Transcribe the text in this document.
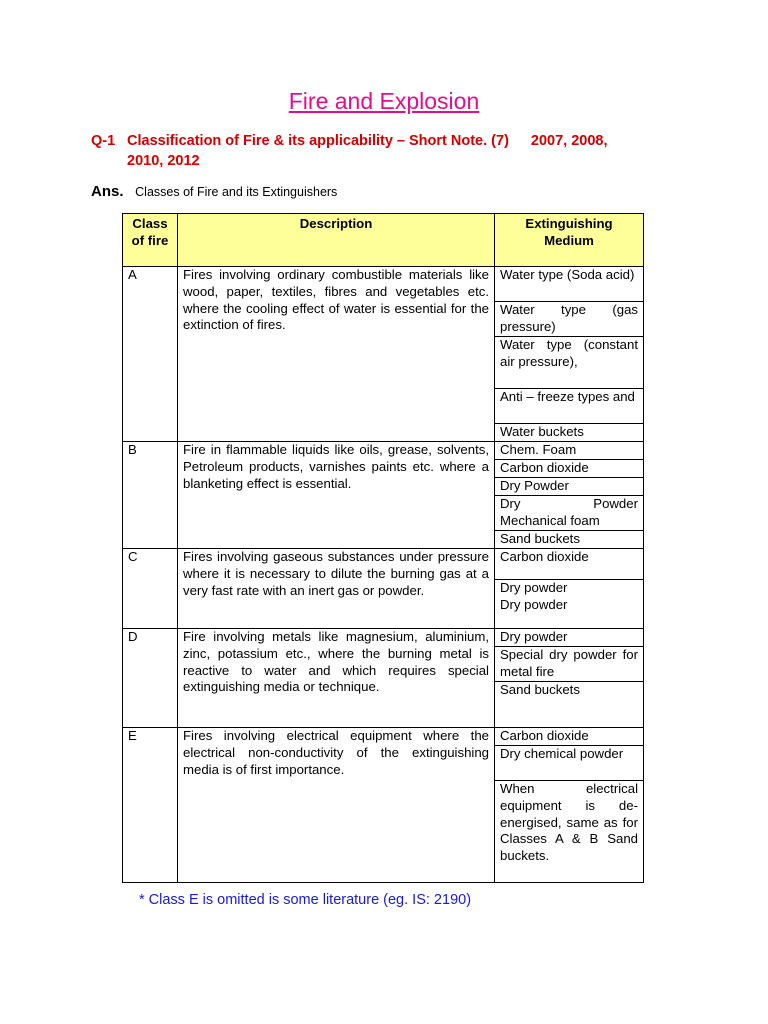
Fire and Explosion
Q-1 Classification of Fire & its applicability – Short Note. (7) 2007, 2008,
2010, 2012
Ans. Classes of Fire and its Extinguishers
Class of fire	Description	Extinguishing Medium
A	Fires involving ordinary combustible materials like wood, paper, textiles, fibres and vegetables etc. where the cooling effect of water is essential for the extinction of fires.	Water type (Soda acid)
Water type (gas pressure)
Water type (constant air pressure),
Anti – freeze types and
Water buckets

B	Fire in flammable liquids like oils, grease, solvents, Petroleum products, varnishes paints etc. where a blanketing effect is essential.	Chem. Foam
Carbon dioxide
Dry Powder
Dry Powder Mechanical foam
Sand buckets

C	Fires involving gaseous substances under pressure where it is necessary to dilute the burning gas at a very fast rate with an inert gas or powder.	Carbon dioxide
Dry powder
Dry powder

D	Fire involving metals like magnesium, aluminium, zinc, potassium etc., where the burning metal is reactive to water and which requires special extinguishing media or technique.	Dry powder
Special dry powder for metal fire
Sand buckets

E	Fires involving electrical equipment where the electrical non-conductivity of the extinguishing media is of first importance.	Carbon dioxide
Dry chemical powder
When electrical equipment is de-energised, same as for Classes A & B Sand buckets.
* Class E is omitted is some literature (eg. IS: 2190)
